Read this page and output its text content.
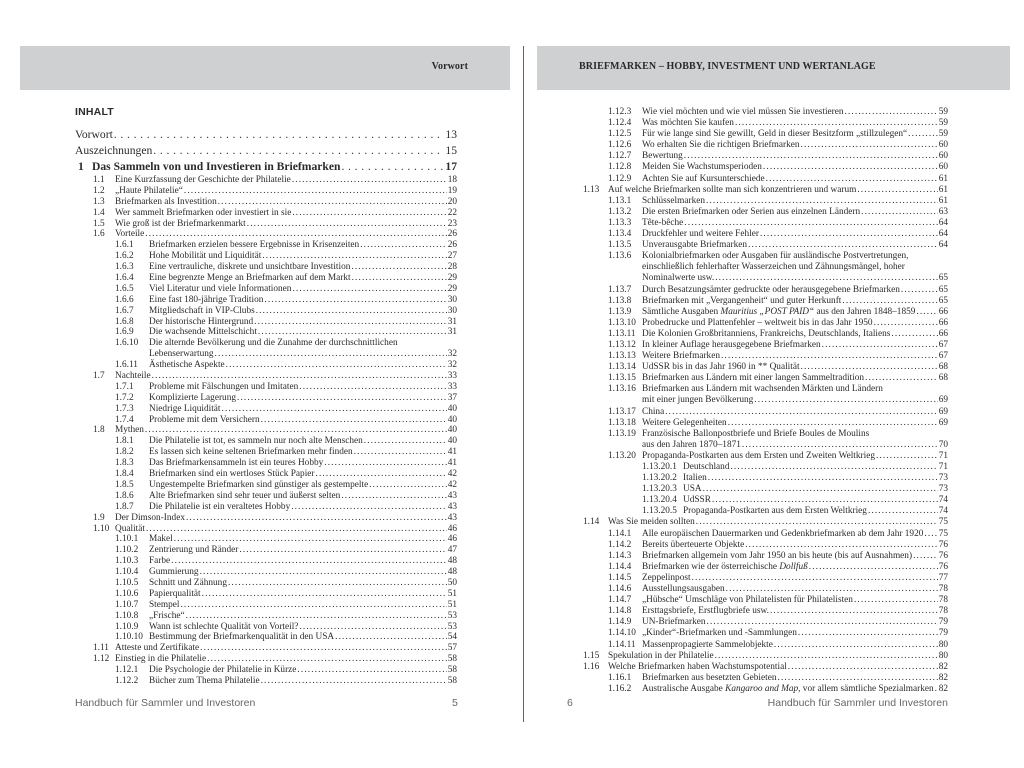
Vorwort	BRIEFMARKEN – HOBBY, INVESTMENT UND WERTANLAGE
INHALT
Vorwort . . .	13
Auszeichnungen . . .	15
1 Das Sammeln von und Investieren in Briefmarken . . .	17
1.1 Eine Kurzfassung der Geschichte der Philatelie . . .	18
1.2 „Haute Philatelie“ . . .	19
1.3 Briefmarken als Investition . . .	20
1.4 Wer sammelt Briefmarken oder investiert in sie . . .	22
1.5 Wie groß ist der Briefmarkenmarkt . . .	23
1.6 Vorteile . . .	26
1.6.1 Briefmarken erzielen bessere Ergebnisse in Krisenzeiten . . .	26
1.6.2 Hohe Mobilität und Liquidität . . .	27
1.6.3 Eine vertrauliche, diskrete und unsichtbare Investition . . .	28
1.6.4 Eine begrenzte Menge an Briefmarken auf dem Markt . . .	29
1.6.5 Viel Literatur und viele Informationen . . .	29
1.6.6 Eine fast 180-jährige Tradition . . .	30
1.6.7 Mitgliedschaft in VIP-Clubs . . .	30
1.6.8 Der historische Hintergrund . . .	31
1.6.9 Die wachsende Mittelschicht . . .	31
1.6.10 Die alternde Bevölkerung und die Zunahme der durchschnittlichen
Lebenserwartung . . .	32
1.6.11 Ästhetische Aspekte . . .	32
1.7 Nachteile . . .	33
1.7.1 Probleme mit Fälschungen und Imitaten . . .	33
1.7.2 Komplizierte Lagerung . . .	37
1.7.3 Niedrige Liquidität . . .	40
1.7.4 Probleme mit dem Versichern . . .	40
1.8 Mythen . . .	40
1.8.1 Die Philatelie ist tot, es sammeln nur noch alte Menschen . . .	40
1.8.2 Es lassen sich keine seltenen Briefmarken mehr finden . . .	41
1.8.3 Das Briefmarkensammeln ist ein teures Hobby . . .	41
1.8.4 Briefmarken sind ein wertloses Stück Papier . . .	42
1.8.5 Ungestempelte Briefmarken sind günstiger als gestempelte . . .	42
1.8.6 Alte Briefmarken sind sehr teuer und äußerst selten . . .	43
1.8.7 Die Philatelie ist ein veraltetes Hobby . . .	43
1.9 Der Dimson-Index . . .	43
1.10 Qualität . . .	46
1.10.1 Makel . . .	46
1.10.2 Zentrierung und Ränder . . .	47
1.10.3 Farbe . . .	48
1.10.4 Gummierung . . .	48
1.10.5 Schnitt und Zähnung . . .	50
1.10.6 Papierqualität . . .	51
1.10.7 Stempel . . .	51
1.10.8 „Frische“ . . .	53
1.10.9 Wann ist schlechte Qualität von Vorteil? . . .	53
1.10.10 Bestimmung der Briefmarkenqualität in den USA . . .	54
1.11 Atteste und Zertifikate . . .	57
1.12 Einstieg in die Philatelie . . .	58
1.12.1 Die Psychologie der Philatelie in Kürze . . .	58
1.12.2 Bücher zum Thema Philatelie . . .	58
1.12.3 Wie viel möchten und wie viel müssen Sie investieren . . .	59
1.12.4 Was möchten Sie kaufen . . .	59
1.12.5 Für wie lange sind Sie gewillt, Geld in dieser Besitzform „stillzulegen“ . . .	59
1.12.6 Wo erhalten Sie die richtigen Briefmarken . . .	60
1.12.7 Bewertung . . .	60
1.12.8 Meiden Sie Wachstumsperioden . . .	60
1.12.9 Achten Sie auf Kursunterschiede . . .	61
1.13 Auf welche Briefmarken sollte man sich konzentrieren und warum . . .	61
1.13.1 Schlüsselmarken . . .	61
1.13.2 Die ersten Briefmarken oder Serien aus einzelnen Ländern . . .	63
1.13.3 Tête-bêche . . .	64
1.13.4 Druckfehler und weitere Fehler . . .	64
1.13.5 Unverausgabte Briefmarken . . .	64
1.13.6 Kolonialbriefmarken oder Ausgaben für ausländische Postvertretungen,
einschließlich fehlerhafter Wasserzeichen und Zähnungsmängel, hoher
Nominalwerte usw. . . .	65
1.13.7 Durch Besatzungsämter gedruckte oder herausgegebene Briefmarken . . .	65
1.13.8 Briefmarken mit „Vergangenheit“ und guter Herkunft . . .	65
1.13.9 Sämtliche Ausgaben Mauritius „POST PAID“ aus den Jahren 1848–1859 . . .	66
1.13.10 Probedrucke und Plattenfehler – weltweit bis in das Jahr 1950 . . .	66
1.13.11 Die Kolonien Großbritanniens, Frankreichs, Deutschlands, Italiens . . .	66
1.13.12 In kleiner Auflage herausgegebene Briefmarken . . .	67
1.13.13 Weitere Briefmarken . . .	67
1.13.14 UdSSR bis in das Jahr 1960 in ** Qualität . . .	68
1.13.15 Briefmarken aus Ländern mit einer langen Sammeltradition . . .	68
1.13.16 Briefmarken aus Ländern mit wachsenden Märkten und Ländern
mit einer jungen Bevölkerung . . .	69
1.13.17 China . . .	69
1.13.18 Weitere Gelegenheiten . . .	69
1.13.19 Französische Ballonpostbriefe und Briefe Boules de Moulins
aus den Jahren 1870–1871 . . .	70
1.13.20 Propaganda-Postkarten aus dem Ersten und Zweiten Weltkrieg . . .	71
1.13.20.1 Deutschland . . .	71
1.13.20.2 Italien . . .	73
1.13.20.3 USA . . .	73
1.13.20.4 UdSSR . . .	74
1.13.20.5 Propaganda-Postkarten aus dem Ersten Weltkrieg . . .	74
1.14 Was Sie meiden sollten . . .	75
1.14.1 Alle europäischen Dauermarken und Gedenkbriefmarken ab dem Jahr 1920 . . . 75
1.14.2 Bereits überteuerte Objekte . . .	76
1.14.3 Briefmarken allgemein vom Jahr 1950 an bis heute (bis auf Ausnahmen) . . .	76
1.14.4 Briefmarken wie der österreichische Dollfuß . . .	76
1.14.5 Zeppelinpost . . .	77
1.14.6 Ausstellungsausgaben . . .	78
1.14.7 „Hübsche“ Umschläge von Philatelisten für Philatelisten . . .	78
1.14.8 Ersttagsbriefe, Erstflugbriefe usw. . . .	78
1.14.9 UN-Briefmarken . . .	79
1.14.10 „Kinder“-Briefmarken und -Sammlungen . . .	79
1.14.11 Massenpropagierte Sammelobjekte . . .	80
1.15 Spekulation in der Philatelie . . .	80
1.16 Welche Briefmarken haben Wachstumspotential . . .	82
1.16.1 Briefmarken aus besetzten Gebieten . . .	82
1.16.2 Australische Ausgabe Kangaroo and Map, vor allem sämtliche Spezialmarken . . . 82
Handbuch für Sammler und Investoren	5	6	Handbuch für Sammler und Investoren
